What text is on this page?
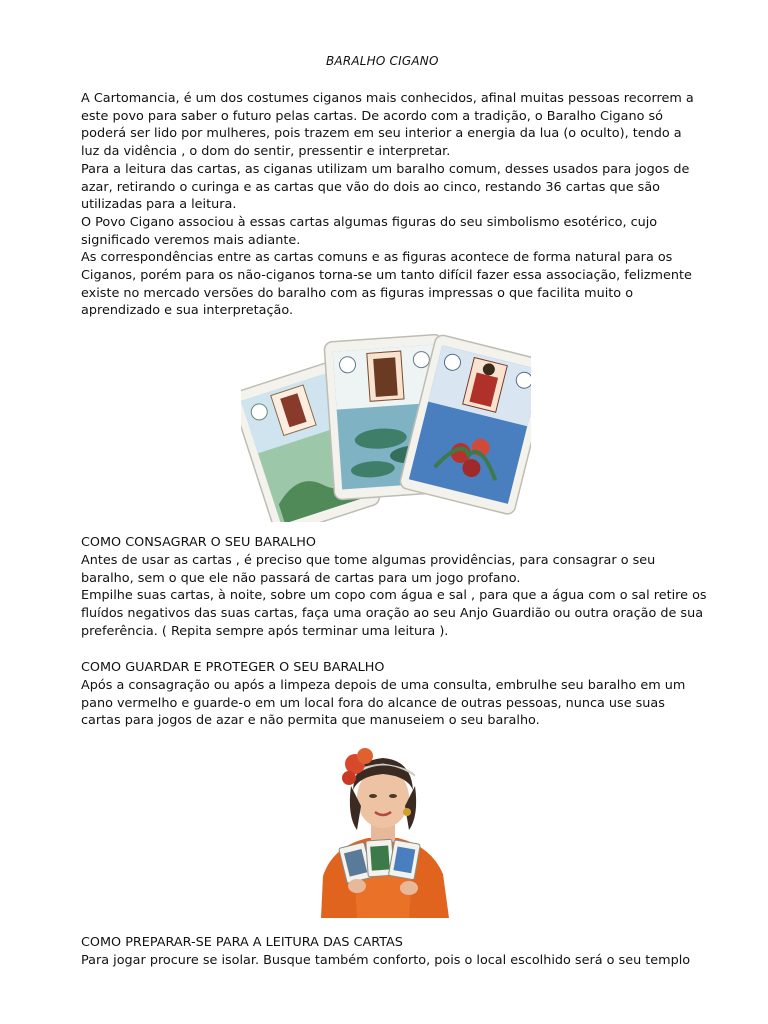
BARALHO CIGANO
A Cartomancia, é um dos costumes ciganos mais conhecidos, afinal muitas pessoas recorrem a
este povo para saber o futuro pelas cartas. De acordo com a tradição, o Baralho Cigano só
poderá ser lido por mulheres, pois trazem em seu interior a energia da lua (o oculto), tendo a
luz da vidência , o dom do sentir, pressentir e interpretar.
Para a leitura das cartas, as ciganas utilizam um baralho comum, desses usados para jogos de
azar, retirando o curinga e as cartas que vão do dois ao cinco, restando 36 cartas que são
utilizadas para a leitura.
O Povo Cigano associou à essas cartas algumas figuras do seu simbolismo esotérico, cujo
significado veremos mais adiante.
As correspondências entre as cartas comuns e as figuras acontece de forma natural para os
Ciganos, porém para os não-ciganos torna-se um tanto difícil fazer essa associação, felizmente
existe no mercado versões do baralho com as figuras impressas o que facilita muito o
aprendizado e sua interpretação.
COMO CONSAGRAR O SEU BARALHO
Antes de usar as cartas , é preciso que tome algumas providências, para consagrar o seu
baralho, sem o que ele não passará de cartas para um jogo profano.
Empilhe suas cartas, à noite, sobre um copo com água e sal , para que a água com o sal retire os
fluídos negativos das suas cartas, faça uma oração ao seu Anjo Guardião ou outra oração de sua
preferência. ( Repita sempre após terminar uma leitura ).
COMO GUARDAR E PROTEGER O SEU BARALHO
Após a consagração ou após a limpeza depois de uma consulta, embrulhe seu baralho em um
pano vermelho e guarde-o em um local fora do alcance de outras pessoas, nunca use suas
cartas para jogos de azar e não permita que manuseiem o seu baralho.
COMO PREPARAR-SE PARA A LEITURA DAS CARTAS
Para jogar procure se isolar. Busque também conforto, pois o local escolhido será o seu templo
